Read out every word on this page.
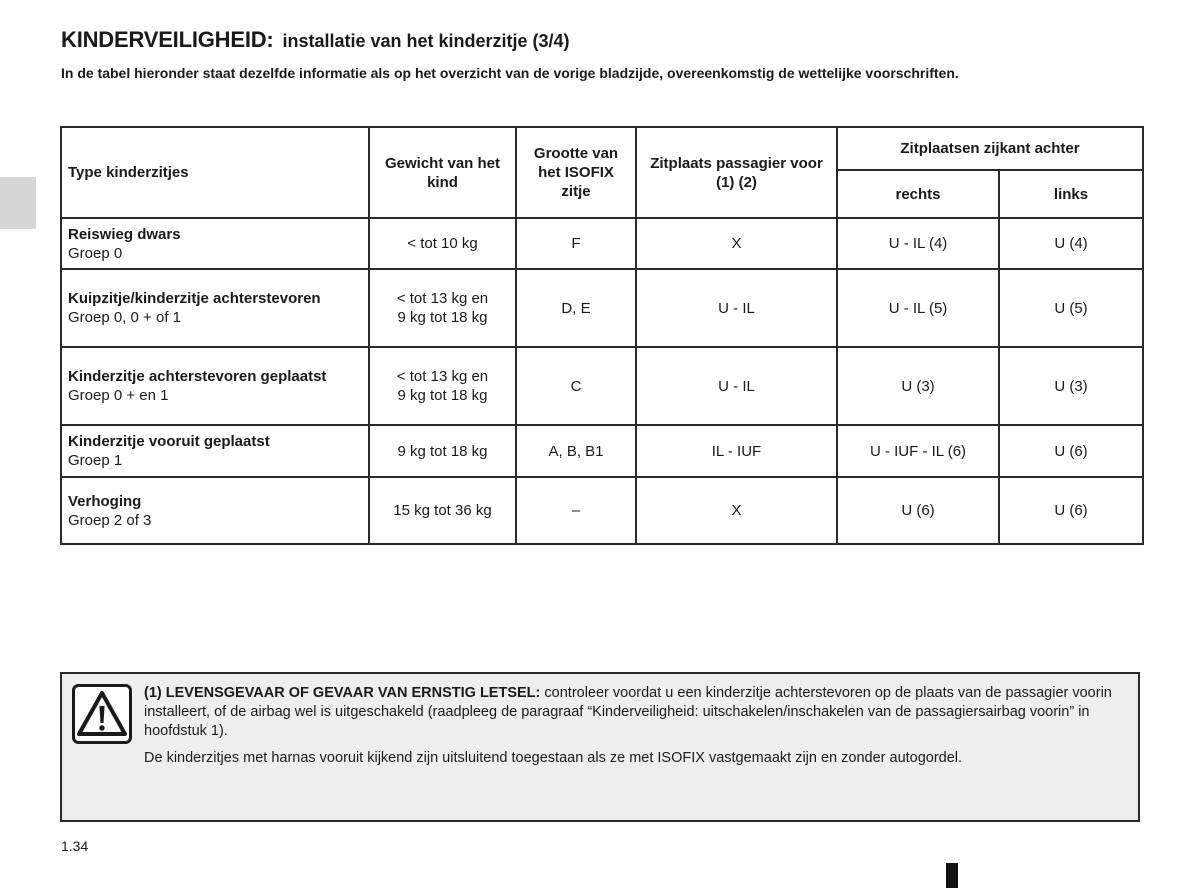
KINDERVEILIGHEID: installatie van het kinderzitje (3/4)

In de tabel hieronder staat dezelfde informatie als op het overzicht van de vorige bladzijde, overeenkomstig de wettelijke voorschriften.

Type kinderzitjes	Gewicht van het kind	Grootte van het ISOFIX zitje	Zitplaats passagier voor (1) (2)	Zitplaatsen zijkant achter	
				rechts	links

Reiswieg dwars
Groep 0	< tot 10 kg	F	X	U - IL (4)	U (4)

Kuipzitje/kinderzitje achterstevoren
Groep 0, 0 + of 1	< tot 13 kg en
9 kg tot 18 kg	D, E	U - IL	U - IL (5)	U (5)

Kinderzitje achterstevoren geplaatst
Groep 0 + en 1	< tot 13 kg en
9 kg tot 18 kg	C	U - IL	U (3)	U (3)

Kinderzitje vooruit geplaatst
Groep 1	9 kg tot 18 kg	A, B, B1	IL - IUF	U - IUF - IL (6)	U (6)

Verhoging
Groep 2 of 3	15 kg tot 36 kg	–	X	U (6)	U (6)

(1) LEVENSGEVAAR OF GEVAAR VAN ERNSTIG LETSEL: controleer voordat u een kinderzitje achterstevoren op de plaats van de passagier voorin installeert, of de airbag wel is uitgeschakeld (raadpleeg de paragraaf “Kinderveiligheid: uitschakelen/inschakelen van de passagiersairbag voorin” in hoofdstuk 1).

De kinderzitjes met harnas vooruit kijkend zijn uitsluitend toegestaan als ze met ISOFIX vastgemaakt zijn en zonder autogordel.

1.34
